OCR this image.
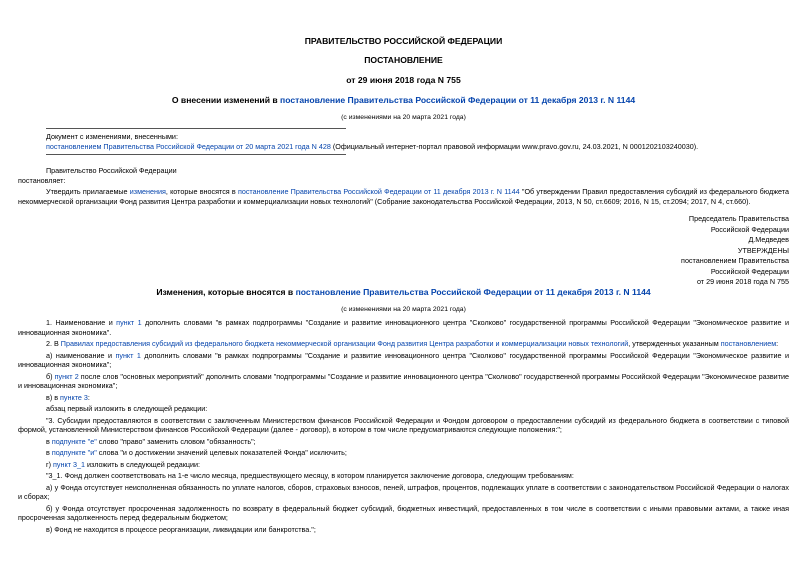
ПРАВИТЕЛЬСТВО РОССИЙСКОЙ ФЕДЕРАЦИИ
ПОСТАНОВЛЕНИЕ
от 29 июня 2018 года N 755
О внесении изменений в постановление Правительства Российской Федерации от 11 декабря 2013 г. N 1144
(с изменениями на 20 марта 2021 года)

Документ с изменениями, внесенными:

постановлением Правительства Российской Федерации от 20 марта 2021 года N 428 (Официальный интернет-портал правовой информации www.pravo.gov.ru, 24.03.2021, N 0001202103240030).

Правительство Российской Федерации

постановляет:

Утвердить прилагаемые изменения, которые вносятся в постановление Правительства Российской Федерации от 11 декабря 2013 г. N 1144 "Об утверждении Правил предоставления субсидий из федерального бюджета некоммерческой организации Фонд развития Центра разработки и коммерциализации новых технологий" (Собрание законодательства Российской Федерации, 2013, N 50, ст.6609; 2016, N 15, ст.2094; 2017, N 4, ст.660).

Председатель Правительства

Российской Федерации

Д.Медведев

УТВЕРЖДЕНЫ

постановлением Правительства

Российской Федерации

от 29 июня 2018 года N 755

Изменения, которые вносятся в постановление Правительства Российской Федерации от 11 декабря 2013 г. N 1144
(с изменениями на 20 марта 2021 года)

1. Наименование и пункт 1 дополнить словами "в рамках подпрограммы "Создание и развитие инновационного центра "Сколково" государственной программы Российской Федерации "Экономическое развитие и инновационная экономика".

2. В Правилах предоставления субсидий из федерального бюджета некоммерческой организации Фонд развития Центра разработки и коммерциализации новых технологий, утвержденных указанным постановлением:

а) наименование и пункт 1 дополнить словами "в рамках подпрограммы "Создание и развитие инновационного центра "Сколково" государственной программы Российской Федерации "Экономическое развитие и инновационная экономика";

б) пункт 2 после слов "основных мероприятий" дополнить словами "подпрограммы "Создание и развитие инновационного центра "Сколково" государственной программы Российской Федерации "Экономическое развитие и инновационная экономика";

в) в пункте 3:

абзац первый изложить в следующей редакции:

"3. Субсидии предоставляются в соответствии с заключенным Министерством финансов Российской Федерации и Фондом договором о предоставлении субсидий из федерального бюджета в соответствии с типовой формой, установленной Министерством финансов Российской Федерации (далее - договор), в котором в том числе предусматриваются следующие положения:";

в подпункте "е" слово "право" заменить словом "обязанность";

в подпункте "и" слова "и о достижении значений целевых показателей Фонда" исключить;

г) пункт 3_1 изложить в следующей редакции:

"3_1. Фонд должен соответствовать на 1-е число месяца, предшествующего месяцу, в котором планируется заключение договора, следующим требованиям:

а) у Фонда отсутствует неисполненная обязанность по уплате налогов, сборов, страховых взносов, пеней, штрафов, процентов, подлежащих уплате в соответствии с законодательством Российской Федерации о налогах и сборах;

б) у Фонда отсутствует просроченная задолженность по возврату в федеральный бюджет субсидий, бюджетных инвестиций, предоставленных в том числе в соответствии с иными правовыми актами, а также иная просроченная задолженность перед федеральным бюджетом;

в) Фонд не находится в процессе реорганизации, ликвидации или банкротства.";
